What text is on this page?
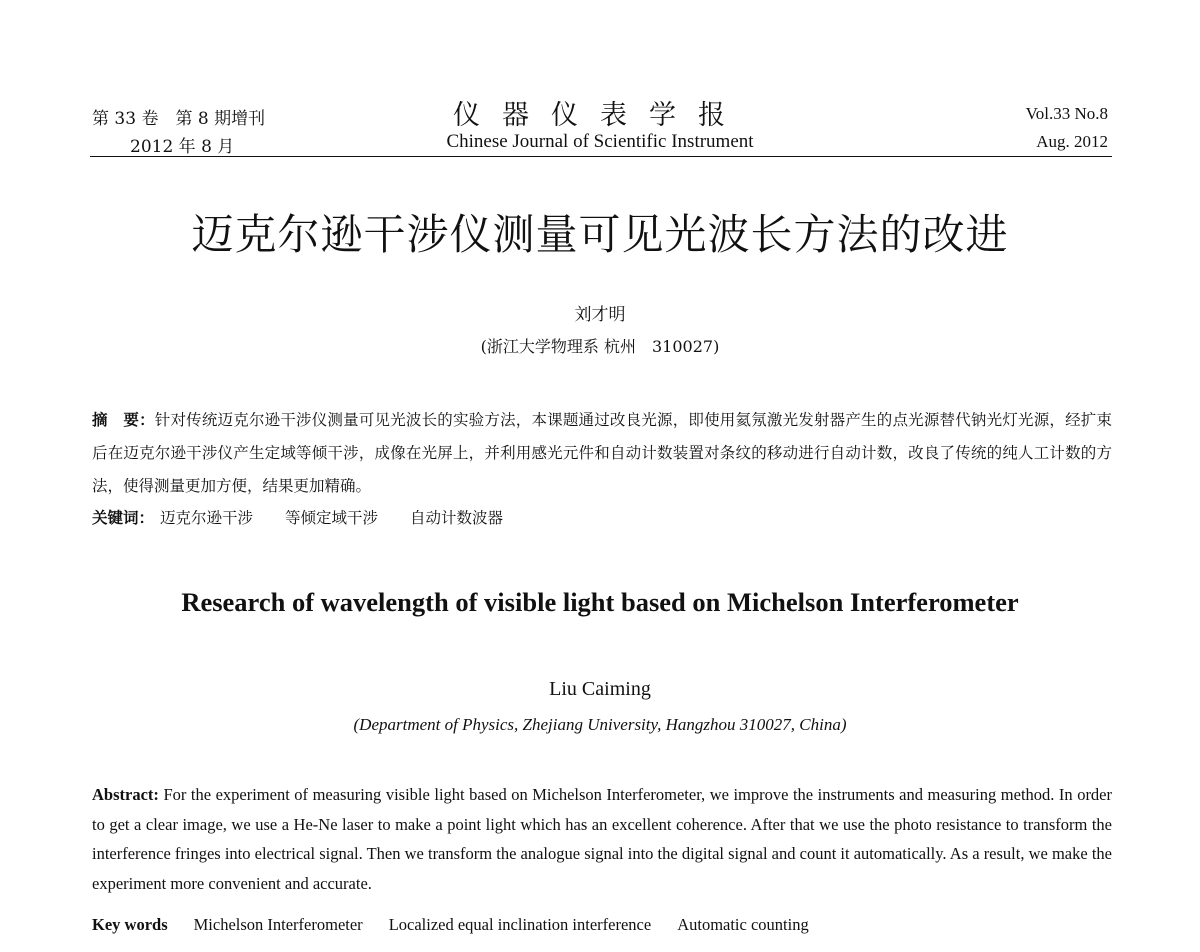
第 33 卷　第 8 期增刊
2012 年 8 月
仪器仪表学报
Chinese Journal of Scientific Instrument
Vol.33 No.8
Aug. 2012
迈克尔逊干涉仪测量可见光波长方法的改进
刘才明
(浙江大学物理系 杭州　310027)
摘　要：针对传统迈克尔逊干涉仪测量可见光波长的实验方法，本课题通过改良光源，即使用氦氖激光发射器产生的点光源替代钠光灯光源，经扩束后在迈克尔逊干涉仪产生定域等倾干涉，成像在光屏上，并利用感光元件和自动计数装置对条纹的移动进行自动计数，改良了传统的纯人工计数的方法，使得测量更加方便，结果更加精确。
关键词： 迈克尔逊干涉 等倾定域干涉 自动计数波器
Research of wavelength of visible light based on Michelson Interferometer
Liu Caiming
(Department of Physics, Zhejiang University, Hangzhou 310027, China)
Abstract: For the experiment of measuring visible light based on Michelson Interferometer, we improve the instruments and measuring method. In order to get a clear image, we use a He-Ne laser to make a point light which has an excellent coherence. After that we use the photo resistance to transform the interference fringes into electrical signal. Then we transform the analogue signal into the digital signal and count it automatically. As a result, we make the experiment more convenient and accurate.
Key words Michelson Interferometer Localized equal inclination interference Automatic counting
